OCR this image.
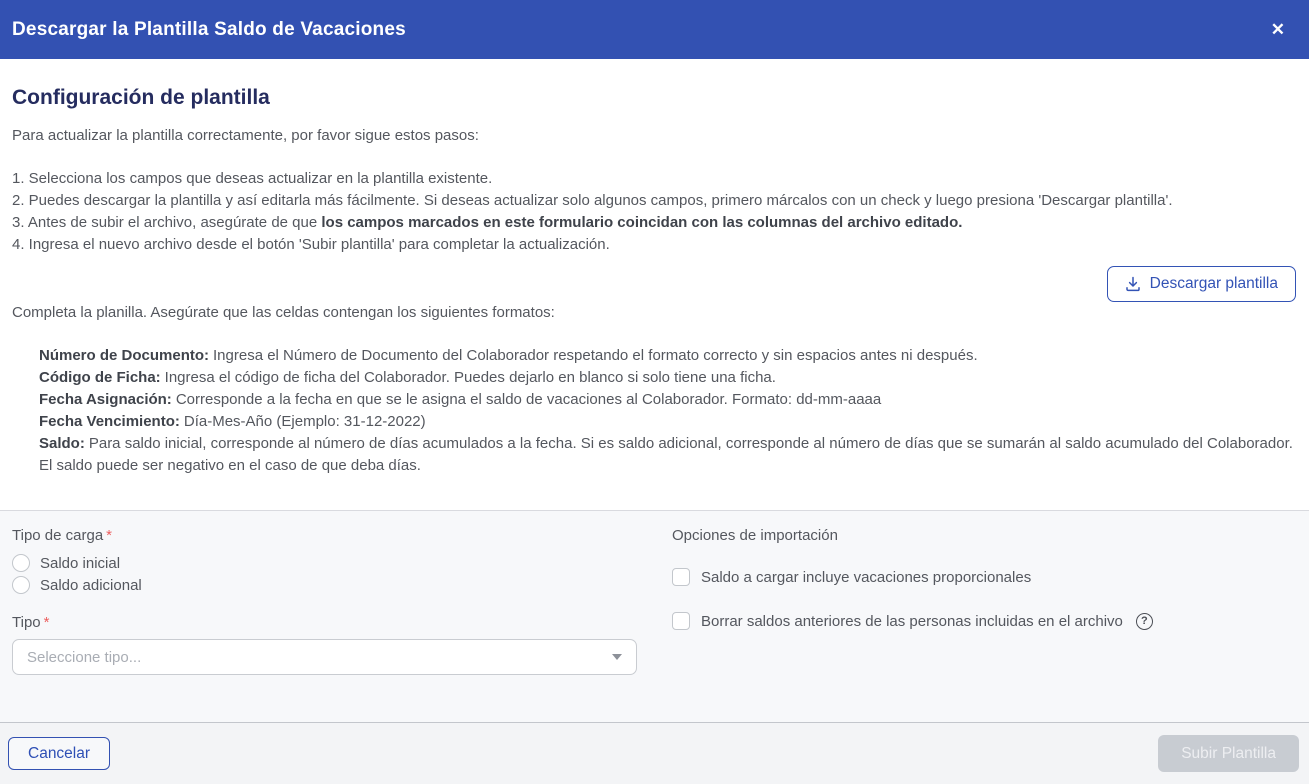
Descargar la Plantilla Saldo de Vacaciones	✕
Configuración de plantilla

Para actualizar la plantilla correctamente, por favor sigue estos pasos:

1. Selecciona los campos que deseas actualizar en la plantilla existente.
2. Puedes descargar la plantilla y así editarla más fácilmente. Si deseas actualizar solo algunos campos, primero márcalos con un check y luego presiona 'Descargar plantilla'.
3. Antes de subir el archivo, asegúrate de que los campos marcados en este formulario coincidan con las columnas del archivo editado.
4. Ingresa el nuevo archivo desde el botón 'Subir plantilla' para completar la actualización.
Descargar plantilla

Completa la planilla. Asegúrate que las celdas contengan los siguientes formatos:

Número de Documento: Ingresa el Número de Documento del Colaborador respetando el formato correcto y sin espacios antes ni después.
Código de Ficha: Ingresa el código de ficha del Colaborador. Puedes dejarlo en blanco si solo tiene una ficha.
Fecha Asignación: Corresponde a la fecha en que se le asigna el saldo de vacaciones al Colaborador. Formato: dd-mm-aaaa
Fecha Vencimiento: Día-Mes-Año (Ejemplo: 31-12-2022)
Saldo: Para saldo inicial, corresponde al número de días acumulados a la fecha. Si es saldo adicional, corresponde al número de días que se sumarán al saldo acumulado del Colaborador. El saldo puede ser negativo en el caso de que deba días.
Tipo de carga *
Saldo inicial
Saldo adicional
Tipo *
Seleccione tipo...
Opciones de importación
Saldo a cargar incluye vacaciones proporcionales
Borrar saldos anteriores de las personas incluidas en el archivo	?
Cancelar	Subir Plantilla
